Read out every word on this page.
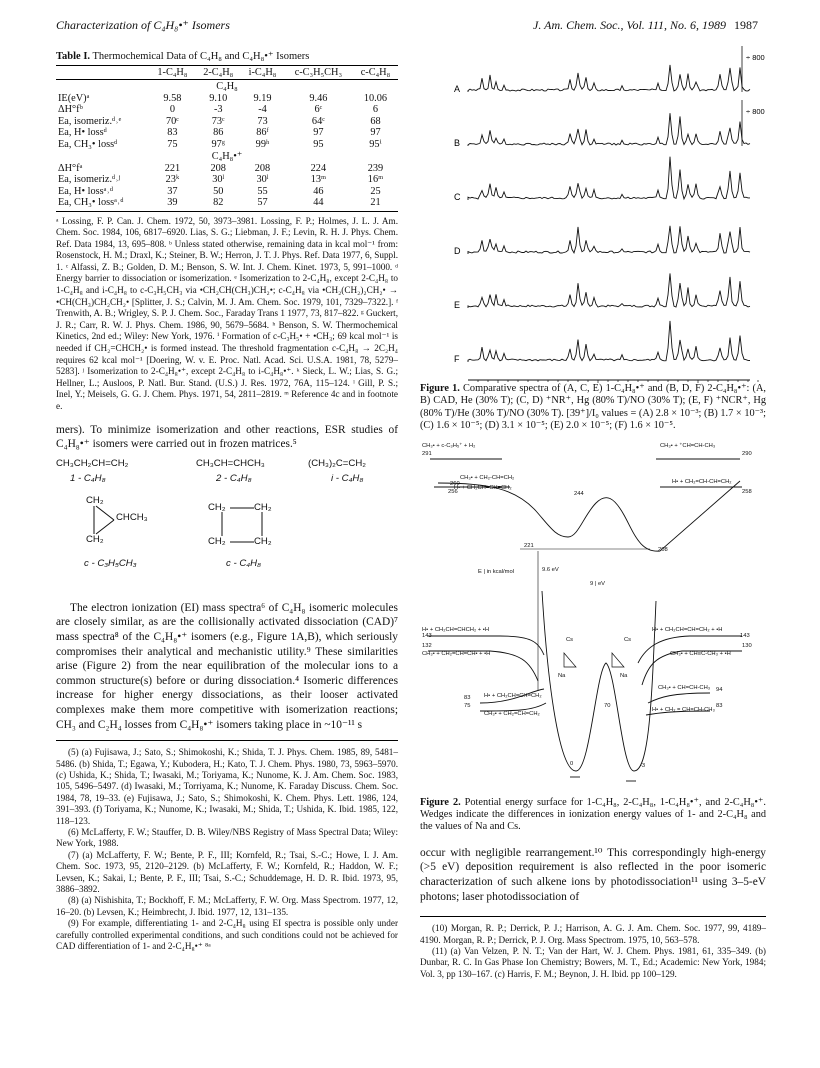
Characterization of C₄H₈•⁺ Isomers	J. Am. Chem. Soc., Vol. 111, No. 6, 1989 1987
Table I. Thermochemical Data of C₄H₈ and C₄H₈•⁺ Isomers
	1-C₄H₈	2-C₄H₈	i-C₄H₈	c-C₃H₅CH₃	c-C₄H₈
C₄H₈					
IE(eV)ᵃ	9.58	9.10	9.19	9.46	10.06
ΔH°fᵇ	0	-3	-4	6ᶜ	6
Ea, isomeriz.ᵈ˒ᵉ	70ᶜ	73ᶜ	73	64ᶜ	68
Ea, H• lossᵈ	83	86	86ᶠ	97	97
Ea, CH₃• lossᵈ	75	97ᵍ	99ʰ	95	95ⁱ
C₄H₈•⁺					
ΔH°fᵃ	221	208	208	224	239
Ea, isomeriz.ᵈ˒ʲ	23ᵏ	30ˡ	30ˡ	13ᵐ	16ᵐ
Ea, H• lossᵃ˒ᵈ	37	50	55	46	25
Ea, CH₃• lossᵃ˒ᵈ	39	82	57	44	21
ᵃ Lossing, F. P. Can. J. Chem. 1972, 50, 3973–3981. Lossing, F. P.; Holmes, J. L. J. Am. Chem. Soc. 1984, 106, 6817–6920. Lias, S. G.; Liebman, J. F.; Levin, R. H. J. Phys. Chem. Ref. Data 1984, 13, 695–808. ᵇ Unless stated otherwise, remaining data in kcal mol⁻¹ from: Rosenstock, H. M.; Draxl, K.; Steiner, B. W.; Herron, J. T. J. Phys. Ref. Data 1977, 6, Suppl. 1. ᶜ Alfassi, Z. B.; Golden, D. M.; Benson, S. W. Int. J. Chem. Kinet. 1973, 5, 991–1000. ᵈ Energy barrier to dissociation or isomerization. ᵉ Isomerization to 2-C₄H₈, except 2-C₄H₈ to 1-C₄H₈ and i-C₄H₈ to c-C₃H₅CH₃ via •CH₂CH(CH₃)CH₂•; c-C₄H₈ via •CH₂(CH₂)₂CH₂• → •CH(CH₃)CH₂CH₂• [Splitter, J. S.; Calvin, M. J. Am. Chem. Soc. 1979, 101, 7329–7322.]. ᶠ Trenwith, A. B.; Wrigley, S. P. J. Chem. Soc., Faraday Trans 1 1977, 73, 817–822. ᵍ Guckert, J. R.; Carr, R. W. J. Phys. Chem. 1986, 90, 5679–5684. ʰ Benson, S. W. Thermochemical Kinetics, 2nd ed.; Wiley: New York, 1976. ⁱ Formation of c-C₃H₅• + •CH₃; 69 kcal mol⁻¹ is needed if CH₂=CHCH₂• is formed instead. The threshold fragmentation c-C₄H₈ → 2C₂H₄ requires 62 kcal mol⁻¹ [Doering, W. v. E. Proc. Natl. Acad. Sci. U.S.A. 1981, 78, 5279–5283]. ʲ Isomerization to 2-C₄H₈•⁺, except 2-C₄H₈ to i-C₄H₈•⁺. ᵏ Sieck, L. W.; Lias, S. G.; Hellner, L.; Ausloos, P. Natl. Bur. Stand. (U.S.) J. Res. 1972, 76A, 115–124. ˡ Gill, P. S.; Inel, Y.; Meisels, G. G. J. Chem. Phys. 1971, 54, 2811–2819. ᵐ Reference 4c and in footnote e.
mers). To minimize isomerization and other reactions, ESR studies of C₄H₈•⁺ isomers were carried out in frozen matrices.⁵
CH₃CH₂CH=CH₂
1 - C₄H₈
CH₃CH=CHCH₃
2 - C₄H₈
(CH₃)₂C=CH₂
i - C₄H₈
CH₂
CHCH₃
CH₂
c - C₃H₅CH₃
CH₂	CH₂
CH₂	CH₂
c - C₄H₈
The electron ionization (EI) mass spectra⁶ of C₄H₈ isomeric molecules are closely similar, as are the collisionally activated dissociation (CAD)⁷ mass spectra⁸ of the C₄H₈•⁺ isomers (e.g., Figure 1A,B), which seriously compromises their analytical and mechanistic utility.⁹ These similarities arise (Figure 2) from the near equilibration of the molecular ions to a common structure(s) before or during dissociation.⁴ Isomeric differences increase for higher energy dissociations, as their looser activated complexes make them more competitive with isomerization reactions; CH₃ and C₂H₄ losses from C₄H₈•⁺ isomers taking place in ~10⁻¹¹ s

(5) (a) Fujisawa, J.; Sato, S.; Shimokoshi, K.; Shida, T. J. Phys. Chem. 1985, 89, 5481–5486. (b) Shida, T.; Egawa, Y.; Kubodera, H.; Kato, T. J. Chem. Phys. 1980, 73, 5963–5970. (c) Ushida, K.; Shida, T.; Iwasaki, M.; Toriyama, K.; Nunome, K. J. Am. Chem. Soc. 1983, 105, 5496–5497. (d) Iwasaki, M.; Torriyama, K.; Nunome, K. Faraday Discuss. Chem. Soc. 1984, 78, 19–33. (e) Fujisawa, J.; Sato, S.; Shimokoshi, K. Chem. Phys. Lett. 1986, 124, 391–393. (f) Toriyama, K.; Nunome, K.; Iwasaki, M.; Shida, T.; Ushida, K. Ibid. 1985, 122, 118–123.

(6) McLafferty, F. W.; Stauffer, D. B. Wiley/NBS Registry of Mass Spectral Data; Wiley: New York, 1988.

(7) (a) McLafferty, F. W.; Bente, P. F., III; Kornfeld, R.; Tsai, S.-C.; Howe, I. J. Am. Chem. Soc. 1973, 95, 2120–2129. (b) McLafferty, F. W.; Kornfeld, R.; Haddon, W. F.; Levsen, K.; Sakai, I.; Bente, P. F., III; Tsai, S.-C.; Schuddemage, H. D. R. Ibid. 1973, 95, 3886–3892.

(8) (a) Nishishita, T.; Bockhoff, F. M.; McLafferty, F. W. Org. Mass Spectrom. 1977, 12, 16–20. (b) Levsen, K.; Heimbrecht, J. Ibid. 1977, 12, 131–135.

(9) For example, differentiating 1- and 2-C₄H₈ using EI spectra is possible only under carefully controlled experimental conditions, and such conditions could not be achieved for CAD differentiation of 1- and 2-C₄H₈•⁺ ⁸ᵃ

A
÷ 800
B
÷ 800
C
D
E
F
Figure 1. Comparative spectra of (A, C, E) 1-C₄H₈•⁺ and (B, D, F) 2-C₄H₈•⁺: (A, B) CAD, He (30% T); (C, D) ⁺NR⁺, Hg (80% T)/NO (30% T); (E, F) ⁺NCR⁺, Hg (80% T)/He (30% T)/NO (30% T). [39⁺]/I₀ values = (A) 2.8 × 10⁻³; (B) 1.7 × 10⁻³; (C) 1.6 × 10⁻⁵; (D) 3.1 × 10⁻⁵; (E) 2.0 × 10⁻⁵; (F) 1.6 × 10⁻⁵.
CH₃• + c-C₃H₅⁺ + H₂
291
CH₃• + ⁺CH=CH-CH₃
290
CH₃• + CH₂-CH=CH₂
260
H• + CH₂CH=CH=CH₂
256
H• + CH₂=CH-CH=CH₂
258
244
221
208
E | in kcal/mol	9.6 eV
9 | eV
H• + CH₂CH=CHCH₂ + •H
143
132
CH₃• + CH₂=CH=CH• + •H
H• + CH₂CH=CH=CH₂ + •H
143
130
CH₃• + CH≡C-CH₃ + •H
Cs	Cs
Na	Na
83 H• + CH₂CH=CH=CH₂
75
CH₃• + CH₂=CH=CH₂
94
CH₃• + CH=CH-CH₃
83
H• + CH₂ = CH=CH-CH₃
70
0	-3
Figure 2. Potential energy surface for 1-C₄H₈, 2-C₄H₈, 1-C₄H₈•⁺, and 2-C₄H₈•⁺. Wedges indicate the differences in ionization energy values of 1- and 2-C₄H₈ and the values of Na and Cs.
occur with negligible rearrangement.¹⁰ This correspondingly high-energy (>5 eV) deposition requirement is also reflected in the poor isomeric characterization of such alkene ions by photodissociation¹¹ using 3–5-eV photons; laser photodissociation of

(10) Morgan, R. P.; Derrick, P. J.; Harrison, A. G. J. Am. Chem. Soc. 1977, 99, 4189–4190. Morgan, R. P.; Derrick, P. J. Org. Mass Spectrom. 1975, 10, 563–578.

(11) (a) Van Velzen, P. N. T.; Van der Hart, W. J. Chem. Phys. 1981, 61, 335–349. (b) Dunbar, R. C. In Gas Phase Ion Chemistry; Bowers, M. T., Ed.; Academic: New York, 1984; Vol. 3, pp 130–167. (c) Harris, F. M.; Beynon, J. H. Ibid. pp 100–129.
